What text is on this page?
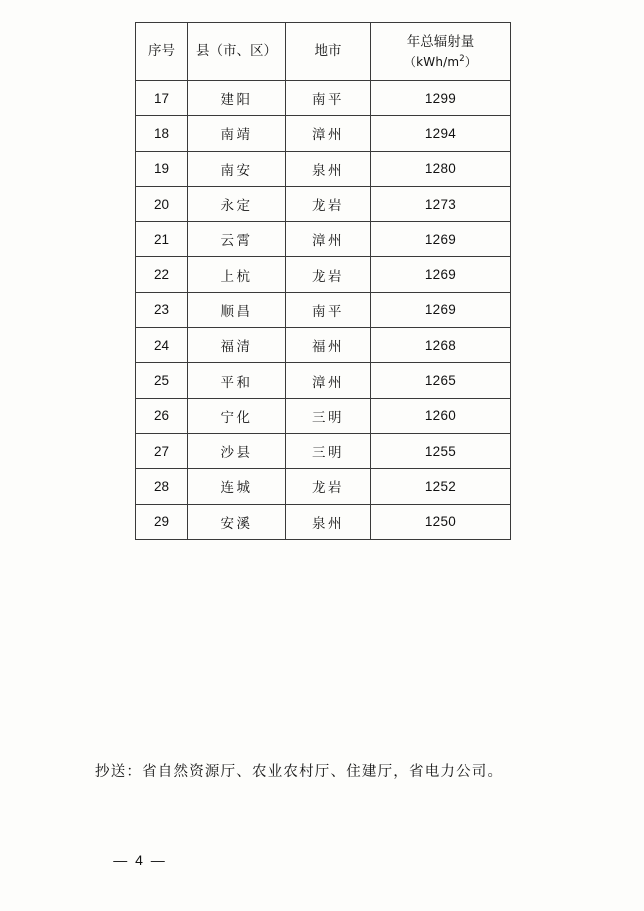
序号	县（市、区）	地市	年总辐射量
$(kWh/m^2)$

17	建阳	南平	1299
18	南靖	漳州	1294
19	南安	泉州	1280
20	永定	龙岩	1273
21	云霄	漳州	1269
22	上杭	龙岩	1269
23	顺昌	南平	1269
24	福清	福州	1268
25	平和	漳州	1265
26	宁化	三明	1260
27	沙县	三明	1255
28	连城	龙岩	1252
29	安溪	泉州	1250
抄送：省自然资源厅、农业农村厅、住建厅，省电力公司。
— 4 —
